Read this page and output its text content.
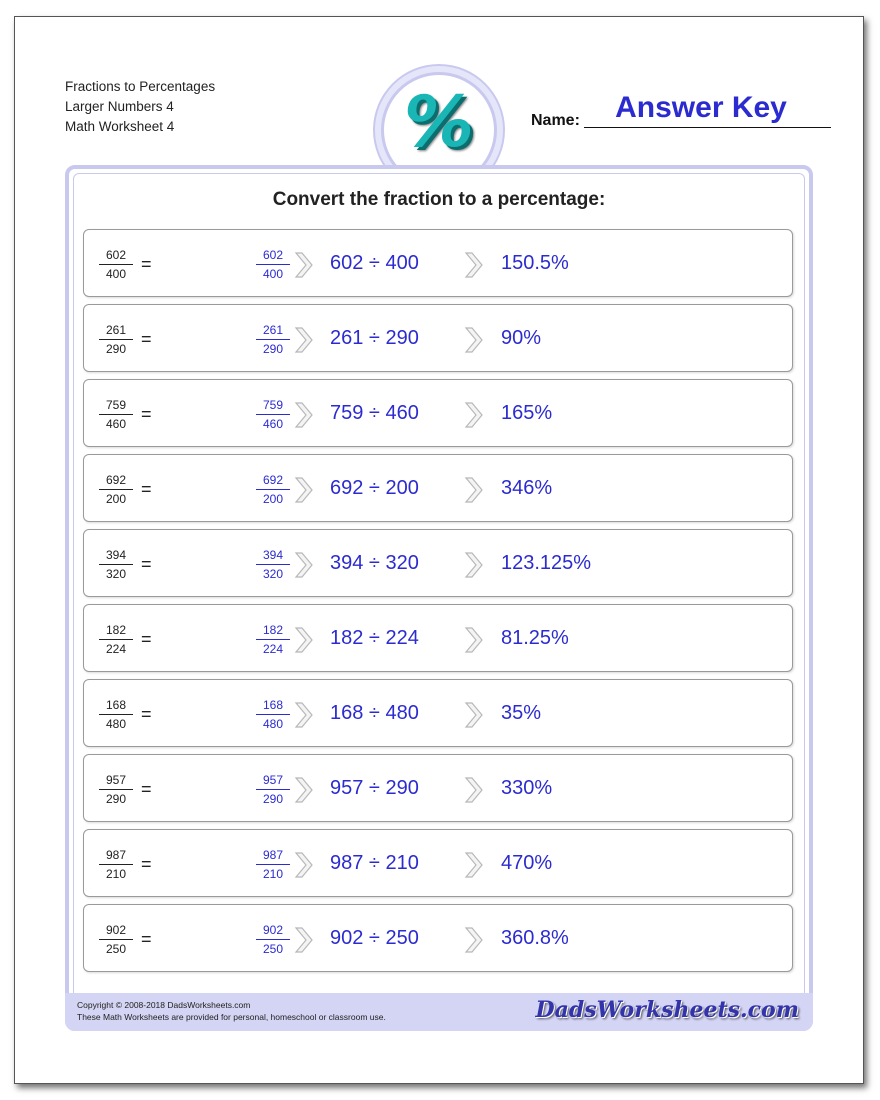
Fractions to Percentages
Larger Numbers 4
Math Worksheet 4	%	Name:	Answer Key
Convert the fraction to a percentage:
$\frac{602}{400}$ =	$\frac{602}{400} 602 \div 400$	150.5%
$\frac{261}{290}$ =	$\frac{261}{290} 261 \div 290$	90%
$\frac{759}{460}$ =	$\frac{759}{460} 759 \div 460$	165%
$\frac{692}{200}$ =	$\frac{692}{200} 692 \div 200$	346%
$\frac{394}{320}$ =	$\frac{394}{320} 394 \div 320$	123.125%
$\frac{182}{224}$ =	$\frac{182}{224} 182 \div 224$	81.25%
$\frac{168}{480}$ =	$\frac{168}{480} 168 \div 480$	35%
$\frac{957}{290}$ =	$\frac{957}{290} 957 \div 290$	330%
$\frac{987}{210}$ =	$\frac{987}{210} 987 \div 210$	470%
$\frac{902}{250}$ =	$\frac{902}{250} 902 \div 250$	360.8%
Copyright © 2008-2018 DadsWorksheets.com
These Math Worksheets are provided for personal, homeschool or classroom use.	DadsWorksheets.com
